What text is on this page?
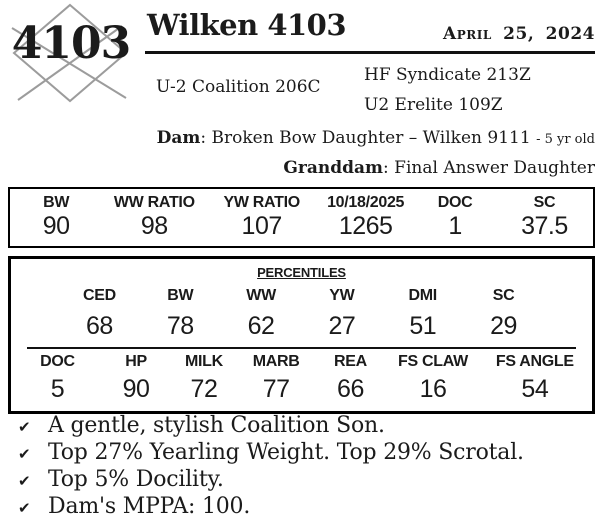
4103 Wilken 4103	April 25, 2024
U-2 Coalition 206C
HF Syndicate 213Z
U2 Erelite 109Z
Dam: Broken Bow Daughter – Wilken 9111 - 5 yr old
Granddam: Final Answer Daughter
BW	WW RATIO	YW RATIO	10/18/2025	DOC	SC
90	98	107	1265	1	37.5
PERCENTILES
CED	BW	WW	YW	DMI	SC
68	78	62	27	51	29
DOC	HP	MILK	MARB	REA	FS CLAW	FS ANGLE
5	90	72	77	66	16	54
✔ A gentle, stylish Coalition Son.
✔ Top 27% Yearling Weight. Top 29% Scrotal.
✔ Top 5% Docility.
✔ Dam's MPPA: 100.
